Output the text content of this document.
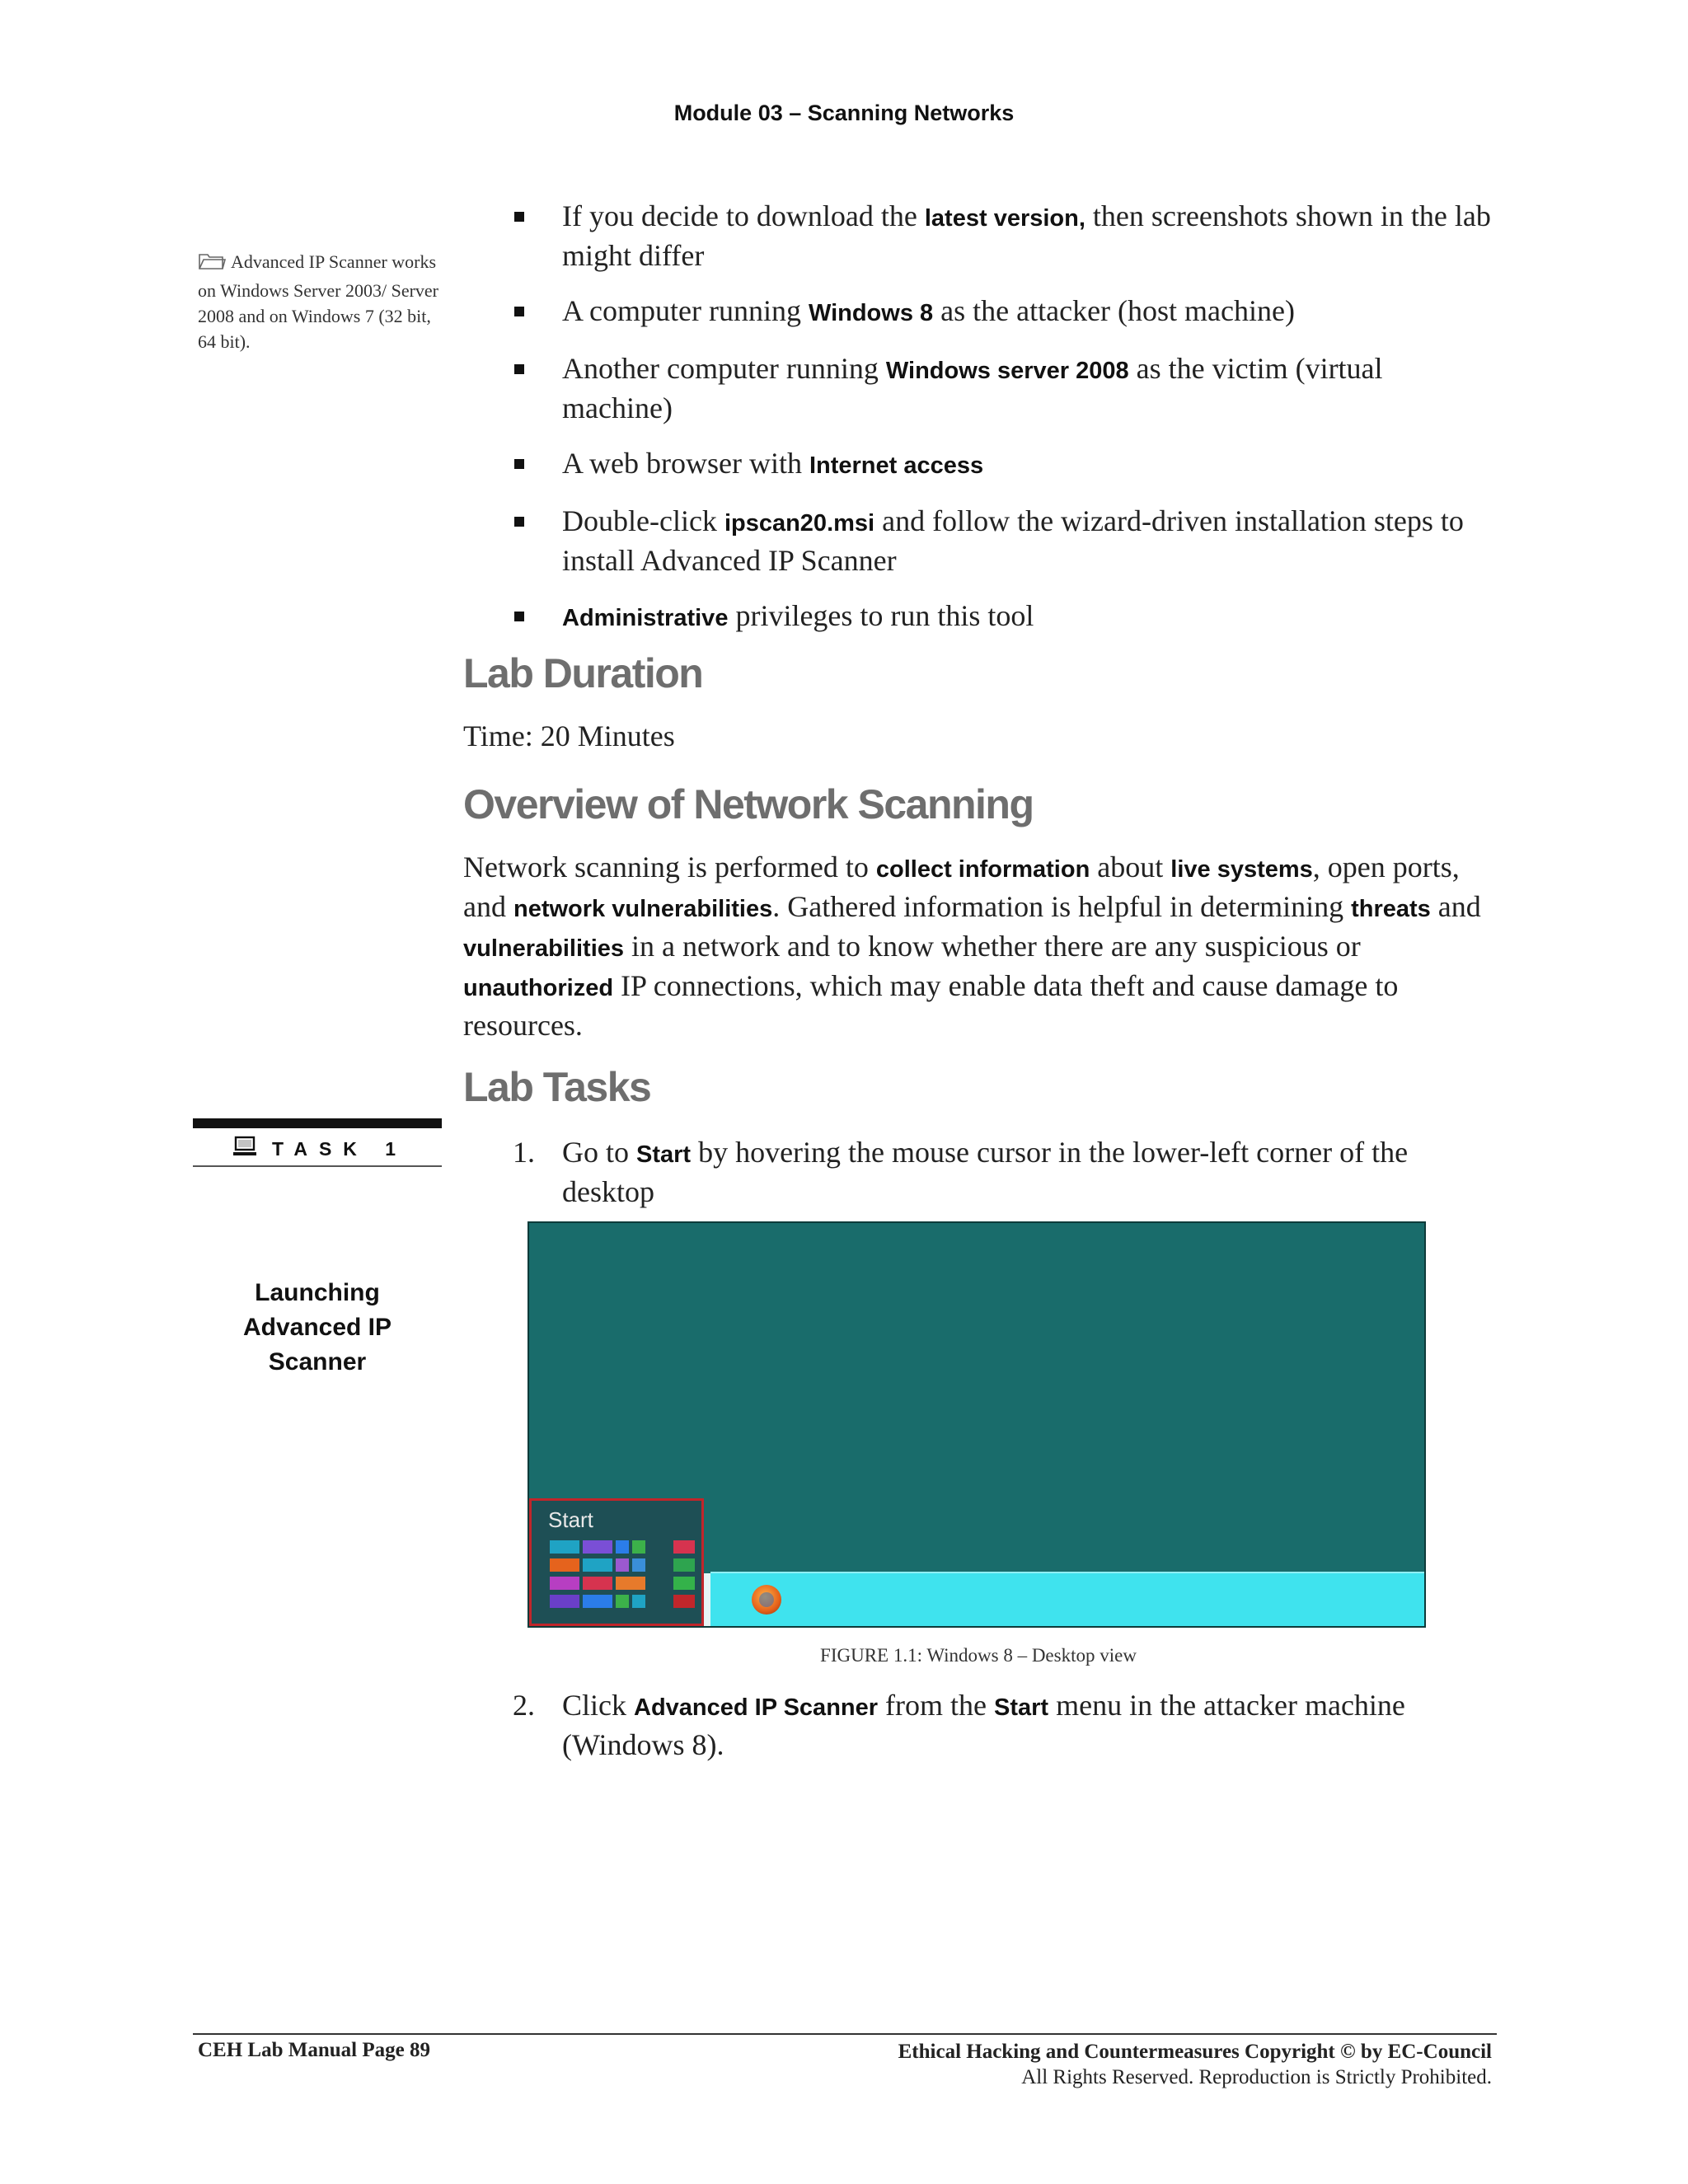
Module 03 – Scanning Networks
Advanced IP Scanner works on Windows Server 2003/ Server 2008 and on Windows 7 (32 bit, 64 bit).
TASK 1
Launching
Advanced IP
Scanner
If you decide to download the latest version, then screenshots shown in the lab might differ
A computer running Windows 8 as the attacker (host machine)
Another computer running Windows server 2008 as the victim (virtual machine)
A web browser with Internet access
Double-click ipscan20.msi and follow the wizard-driven installation steps to install Advanced IP Scanner
Administrative privileges to run this tool
Lab Duration
Time: 20 Minutes
Overview of Network Scanning
Network scanning is performed to collect information about live systems, open ports, and network vulnerabilities. Gathered information is helpful in determining threats and vulnerabilities in a network and to know whether there are any suspicious or unauthorized IP connections, which may enable data theft and cause damage to resources.
Lab Tasks
1. Go to Start by hovering the mouse cursor in the lower-left corner of the desktop
Start
FIGURE 1.1: Windows 8 – Desktop view
2. Click Advanced IP Scanner from the Start menu in the attacker machine (Windows 8).
CEH Lab Manual Page 89	Ethical Hacking and Countermeasures Copyright © by EC-Council
All Rights Reserved. Reproduction is Strictly Prohibited.
